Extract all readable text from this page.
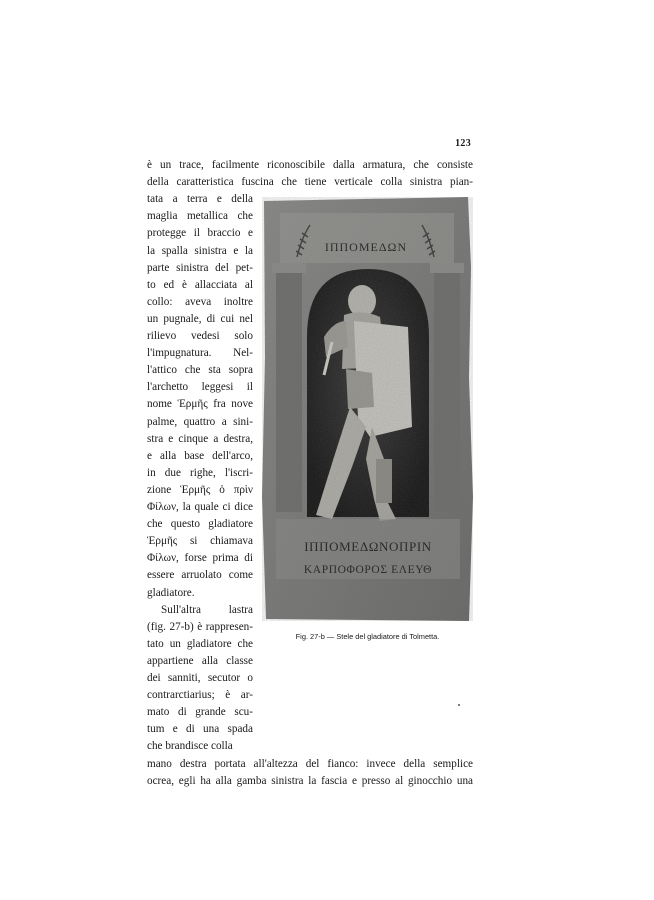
123
è un trace, facilmente riconoscibile dalla armatura, che consiste
della caratteristica fuscina che tiene verticale colla sinistra pian-
tata a terra e della
maglia metallica che
protegge il braccio e
la spalla sinistra e la
parte sinistra del pet-
to ed è allacciata al
collo: aveva inoltre
un pugnale, di cui nel
rilievo vedesi solo
l'impugnatura. Nel-
l'attico che sta sopra
l'archetto leggesi il
nome Ἑρμῆς fra nove
palme, quattro a sini-
stra e cinque a destra,
e alla base dell'arco,
in due righe, l'iscri-
zione Ἑρμῆς ὁ πρὶν
Φίλων, la quale ci dice
che questo gladiatore
Ἑρμῆς si chiamava
Φίλων, forse prima di
essere arruolato come
gladiatore.
Sull'altra lastra
(fig. 27-b) è rappresen-
tato un gladiatore che
appartiene alla classe
dei sanniti, secutor o
contrarctiarius; è ar-
mato di grande scu-
tum e di una spada
che brandisce colla
mano destra portata all'altezza del fianco: invece della semplice
ocrea, egli ha alla gamba sinistra la fascia e presso al ginocchio una
Fig. 27-b — Stele del gladiatore di Tolmetta.
